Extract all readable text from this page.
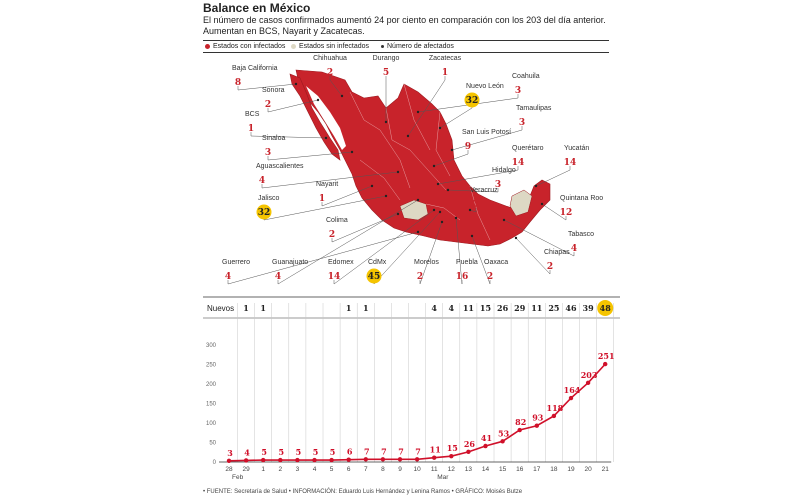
Balance en México
El número de casos confirmados aumentó 24 por ciento en comparación con los 203 del día anterior.
Aumentan en BCS, Nayarit y Zacatecas.
Estados con infectados	Estados sin infectados	Número de afectados
Baja California
8
Chihuahua
2
Durango
5
Zacatecas
1
Sonora
2
Coahuila
3
Nuevo León
32
BCS
1
Tamaulipas
3
Sinaloa
3
San Luis Potosí
9	Querétaro
14
Yucatán
14
Aguascalientes
4
Hidalgo
3
Nayarit
1
Veracruz
7
Quintana Roo
12
Jalisco
32
Colima
2	Tabasco
4
Chiapas
2
Guerrero
4
Guanajuato
4
Edomex
14
CdMx
45
Morelos
2
Puebla
16
Oaxaca
2
Nuevos 1 1	1 1	4 4 11 15 26 29 11 25 46 39 48
0
50
100
150
200
250
300
28 29 1 2 3 4 5 6 7 8 9 10 11 12 13 14 15 16 17 18 19 20 21
Feb	Mar
3 4 5 5 5 5 5 6 7 7 7 7 11 15 26
41 53
82 93
118
164
203
251
• FUENTE: Secretaría de Salud • INFORMACIÓN: Eduardo Luis Hernández y Lenina Ramos • GRÁFICO: Moisés Butze
